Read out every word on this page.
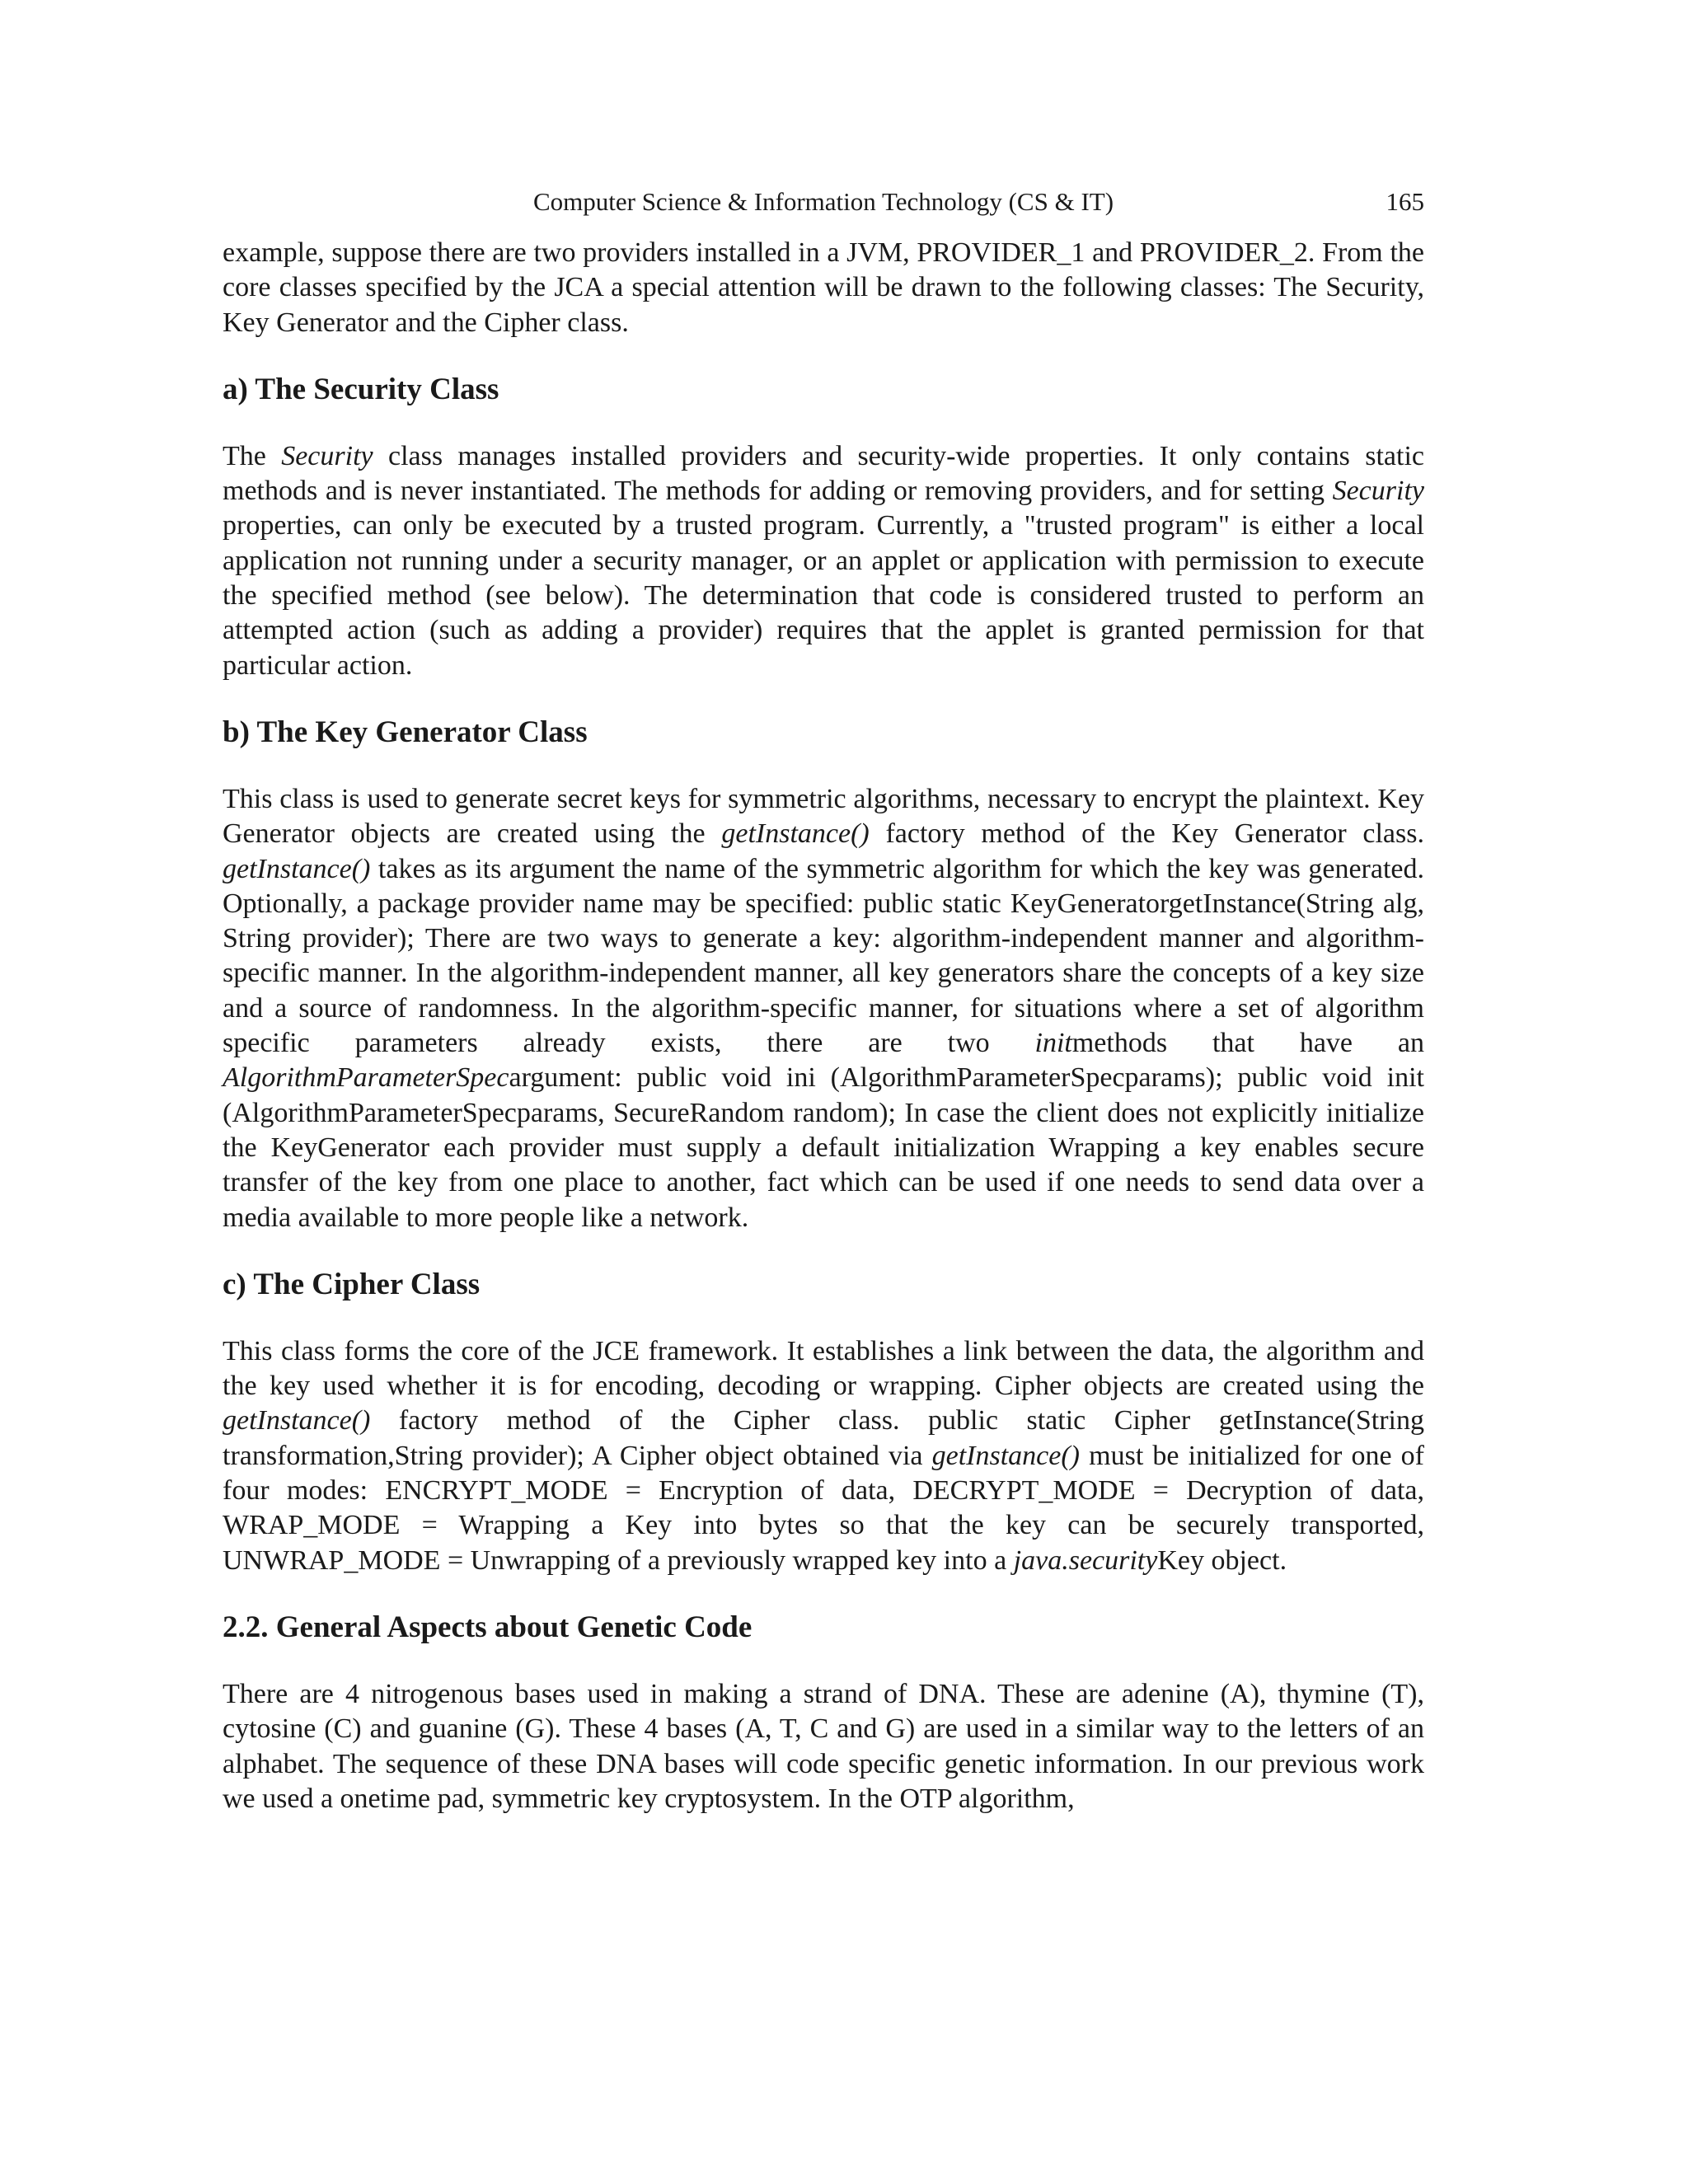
Computer Science & Information Technology (CS & IT)	165

example, suppose there are two providers installed in a JVM, PROVIDER_1 and PROVIDER_2. From the core classes specified by the JCA a special attention will be drawn to the following classes: The Security, Key Generator and the Cipher class.

a) The Security Class

The Security class manages installed providers and security-wide properties. It only contains static methods and is never instantiated. The methods for adding or removing providers, and for setting Security properties, can only be executed by a trusted program. Currently, a "trusted program" is either a local application not running under a security manager, or an applet or application with permission to execute the specified method (see below). The determination that code is considered trusted to perform an attempted action (such as adding a provider) requires that the applet is granted permission for that particular action.

b) The Key Generator Class

This class is used to generate secret keys for symmetric algorithms, necessary to encrypt the plaintext. Key Generator objects are created using the getInstance() factory method of the Key Generator class. getInstance() takes as its argument the name of the symmetric algorithm for which the key was generated. Optionally, a package provider name may be specified: public static KeyGeneratorgetInstance(String alg, String provider); There are two ways to generate a key: algorithm-independent manner and algorithm-specific manner. In the algorithm-independent manner, all key generators share the concepts of a key size and a source of randomness. In the algorithm-specific manner, for situations where a set of algorithm specific parameters already exists, there are two initmethods that have an AlgorithmParameterSpecargument: public void ini (AlgorithmParameterSpecparams); public void init (AlgorithmParameterSpecparams, SecureRandom random); In case the client does not explicitly initialize the KeyGenerator each provider must supply a default initialization Wrapping a key enables secure transfer of the key from one place to another, fact which can be used if one needs to send data over a media available to more people like a network.

c) The Cipher Class

This class forms the core of the JCE framework. It establishes a link between the data, the algorithm and the key used whether it is for encoding, decoding or wrapping. Cipher objects are created using the getInstance() factory method of the Cipher class. public static Cipher getInstance(String transformation,String provider); A Cipher object obtained via getInstance() must be initialized for one of four modes: ENCRYPT_MODE = Encryption of data, DECRYPT_MODE = Decryption of data, WRAP_MODE = Wrapping a Key into bytes so that the key can be securely transported, UNWRAP_MODE = Unwrapping of a previously wrapped key into a java.securityKey object.

2.2. General Aspects about Genetic Code

There are 4 nitrogenous bases used in making a strand of DNA. These are adenine (A), thymine (T), cytosine (C) and guanine (G). These 4 bases (A, T, C and G) are used in a similar way to the letters of an alphabet. The sequence of these DNA bases will code specific genetic information. In our previous work we used a onetime pad, symmetric key cryptosystem. In the OTP algorithm,
